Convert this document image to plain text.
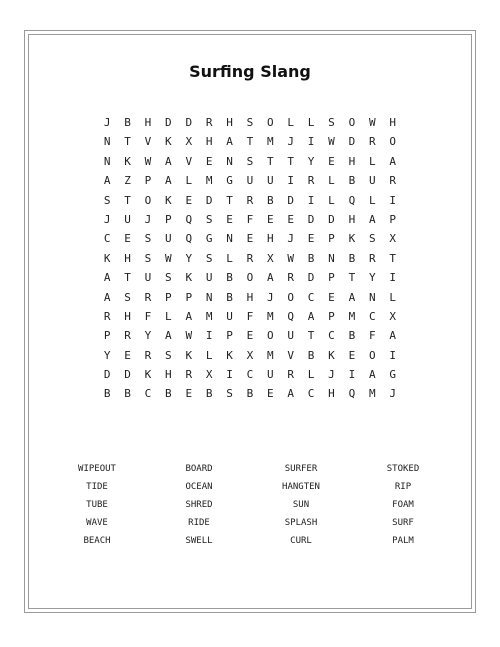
Surfing Slang
J	B	H	D	D	R	H	S	O	L	L	S	O	W	H
N	T	V	K	X	H	A	T	M	J	I	W	D	R	O
N	K	W	A	V	E	N	S	T	T	Y	E	H	L	A
A	Z	P	A	L	M	G	U	U	I	R	L	B	U	R
S	T	O	K	E	D	T	R	B	D	I	L	Q	L	I
J	U	J	P	Q	S	E	F	E	E	D	D	H	A	P
C	E	S	U	Q	G	N	E	H	J	E	P	K	S	X
K	H	S	W	Y	S	L	R	X	W	B	N	B	R	T
A	T	U	S	K	U	B	O	A	R	D	P	T	Y	I
A	S	R	P	P	N	B	H	J	O	C	E	A	N	L
R	H	F	L	A	M	U	F	M	Q	A	P	M	C	X
P	R	Y	A	W	I	P	E	O	U	T	C	B	F	A
Y	E	R	S	K	L	K	X	M	V	B	K	E	O	I
D	D	K	H	R	X	I	C	U	R	L	J	I	A	G
B	B	C	B	E	B	S	B	E	A	C	H	Q	M	J
WIPEOUT	BOARD	SURFER	STOKED
TIDE	OCEAN	HANGTEN	RIP
TUBE	SHRED	SUN	FOAM
WAVE	RIDE	SPLASH	SURF
BEACH	SWELL	CURL	PALM
